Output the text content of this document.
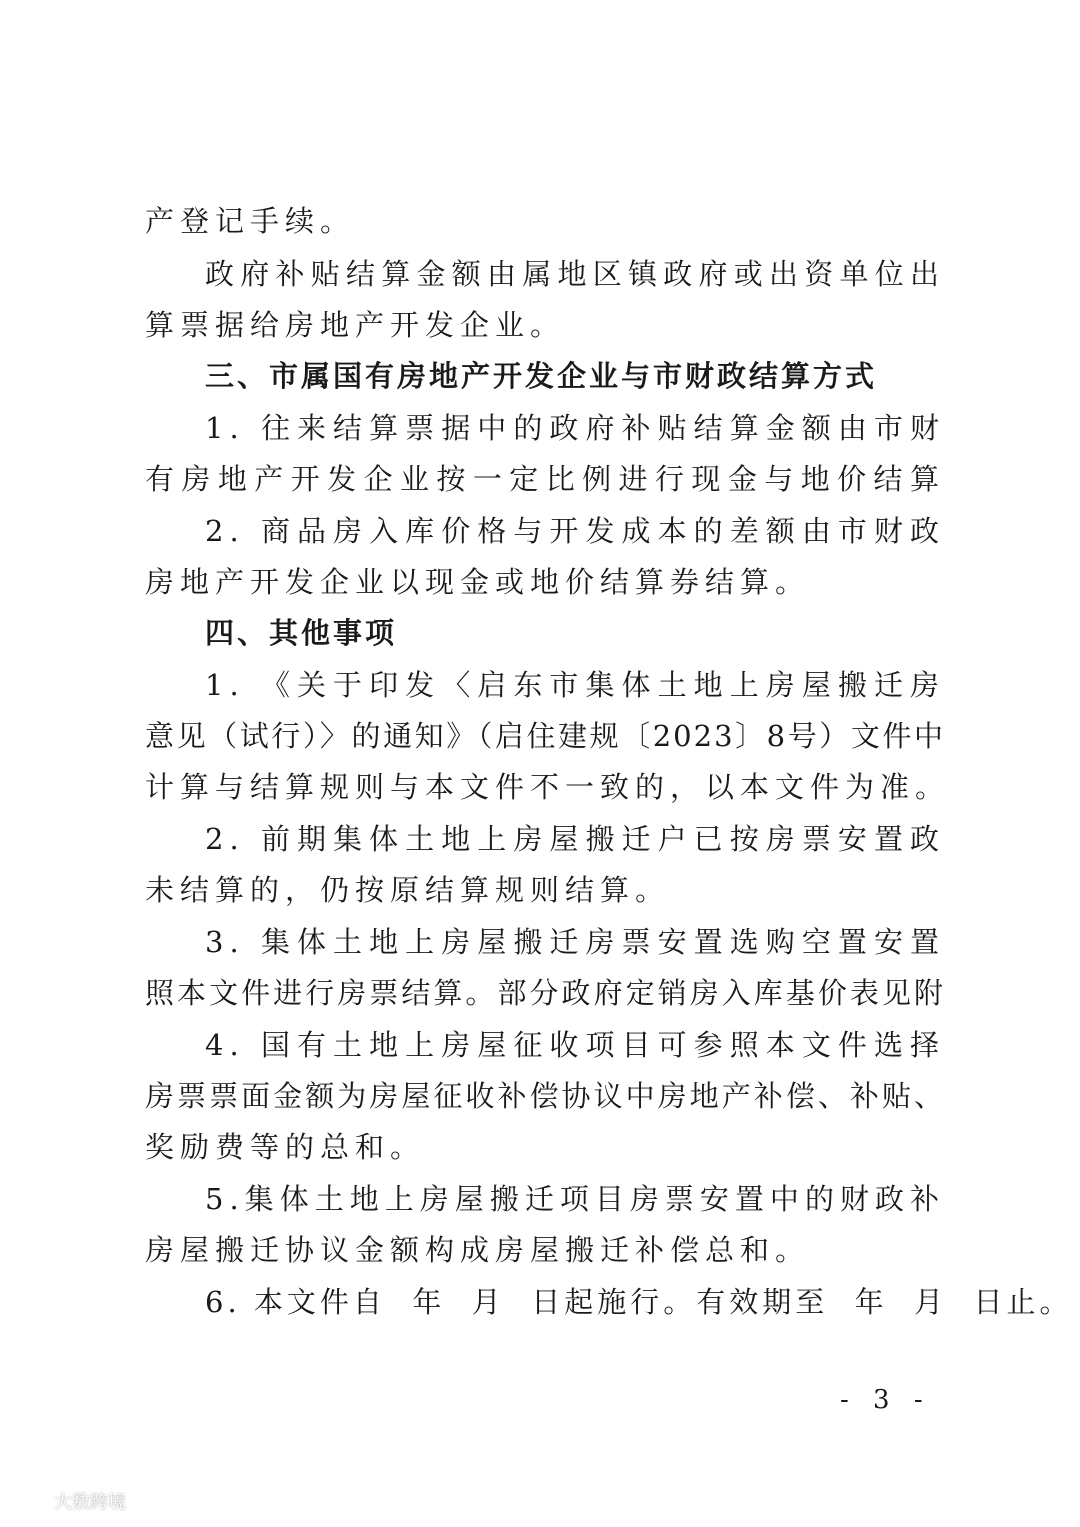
产登记手续。
政府补贴结算金额由属地区镇政府或出资单位出
算票据给房地产开发企业。
三、市属国有房地产开发企业与市财政结算方式
1. 往来结算票据中的政府补贴结算金额由市财
有房地产开发企业按一定比例进行现金与地价结算
2. 商品房入库价格与开发成本的差额由市财政
房地产开发企业以现金或地价结算券结算。
四、其他事项
1. 《关于印发〈启东市集体土地上房屋搬迁房
意见（试行）〉的通知》（启住建规〔2023〕8号）文件中
计算与结算规则与本文件不一致的，以本文件为准。
2. 前期集体土地上房屋搬迁户已按房票安置政
未结算的，仍按原结算规则结算。
3. 集体土地上房屋搬迁房票安置选购空置安置
照本文件进行房票结算。部分政府定销房入库基价表见附
4. 国有土地上房屋征收项目可参照本文件选择
房票票面金额为房屋征收补偿协议中房地产补偿、补贴、
奖励费等的总和。
5.集体土地上房屋搬迁项目房票安置中的财政补
房屋搬迁协议金额构成房屋搬迁补偿总和。
6. 本文件自  年  月  日起施行。有效期至  年  月  日止。
- 3 -
大数跨境
